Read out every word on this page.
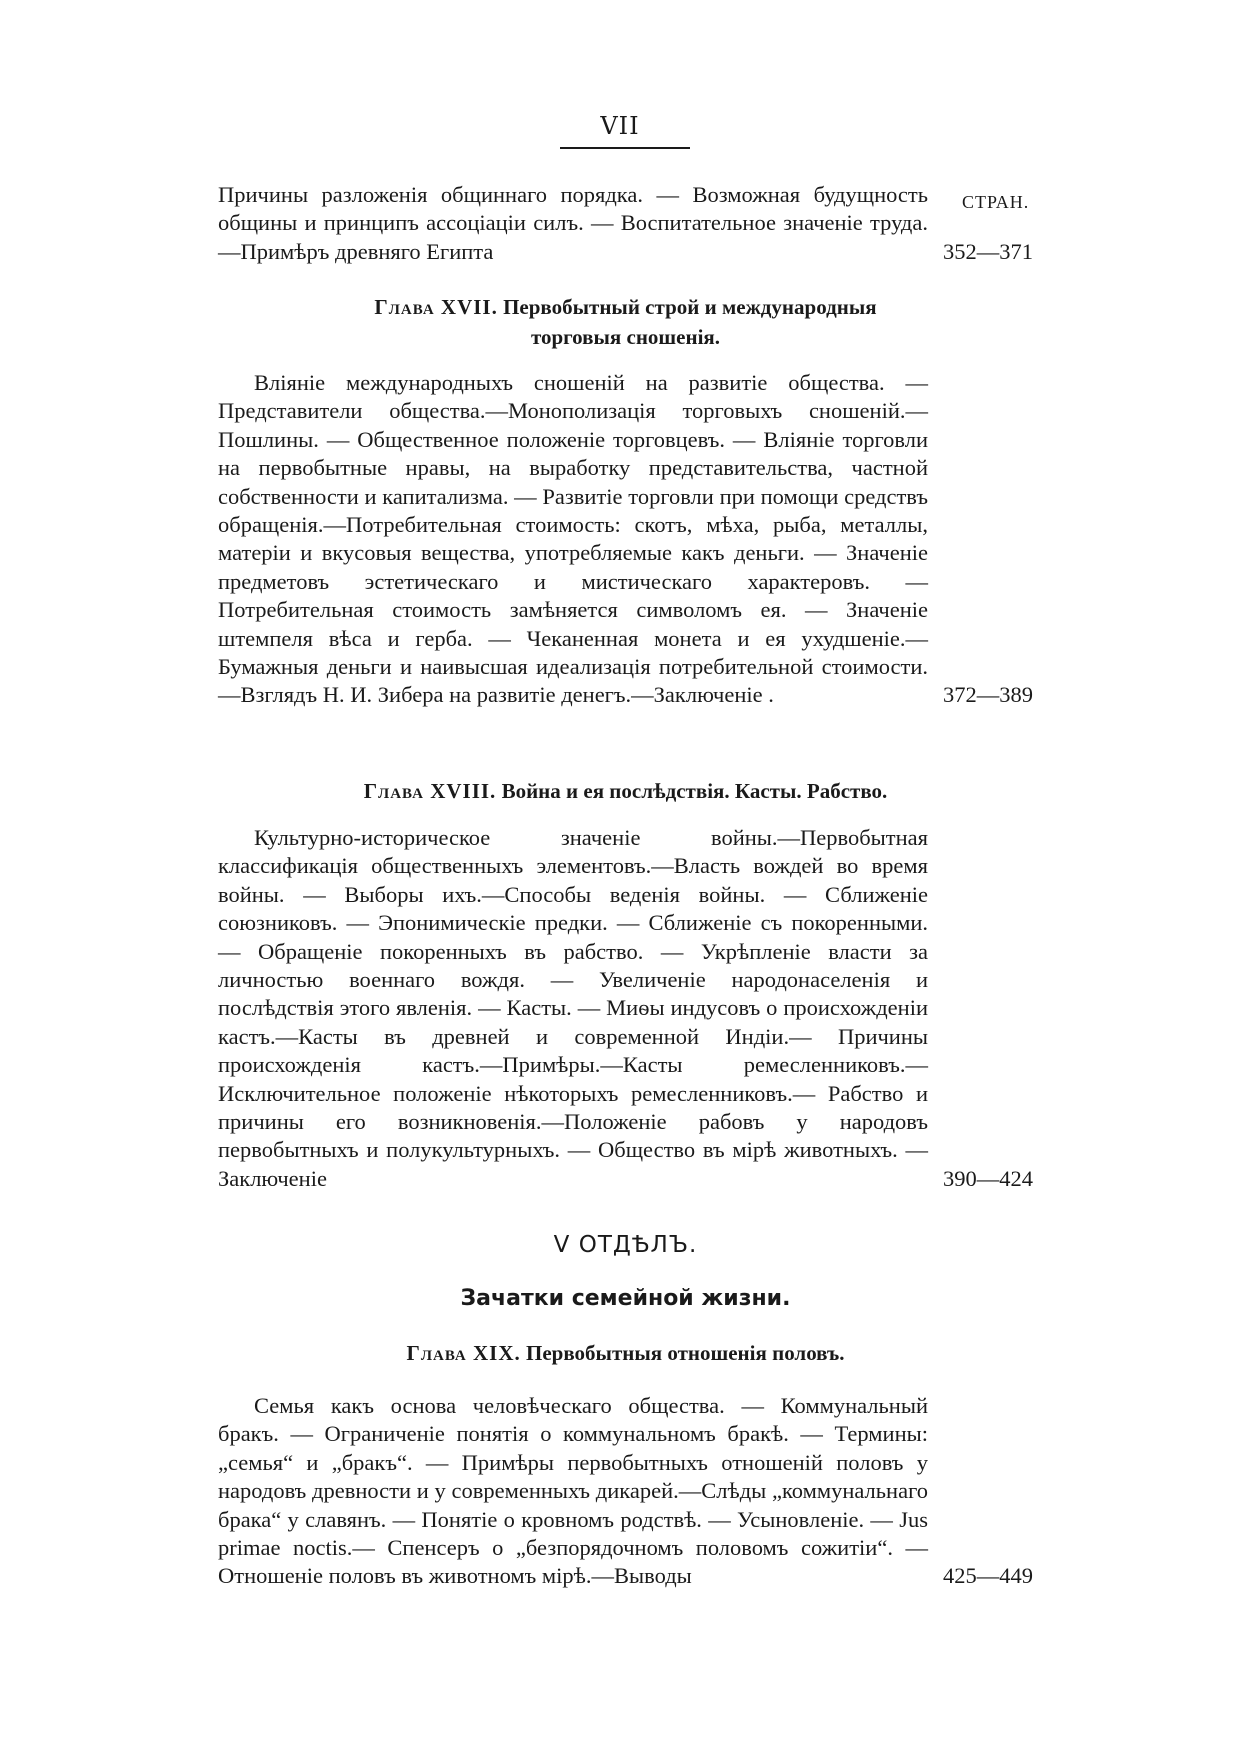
VII
СТРАН.
Причины разложенія общиннаго порядка. — Возможная будущность общины и принципъ ассоціаціи силъ. — Воспитательное значеніе труда.—Примѣръ древняго Египта	352—371
Глава XVII. Первобытный строй и международныя торговыя сношенія.
Вліяніе международныхъ сношеній на развитіе общества. — Представители общества.—Монополизація торговыхъ сношеній.— Пошлины. — Общественное положеніе торговцевъ. — Вліяніе торговли на первобытные нравы, на выработку представительства, частной собственности и капитализма. — Развитіе торговли при помощи средствъ обращенія.—Потребительная стоимость: скотъ, мѣха, рыба, металлы, матеріи и вкусовыя вещества, употребляемые какъ деньги. — Значеніе предметовъ эстетическаго и мистическаго характеровъ. — Потребительная стоимость замѣняется символомъ ея. — Значеніе штемпеля вѣса и герба. — Чеканенная монета и ея ухудшеніе.—Бумажныя деньги и наивысшая идеализація потребительной стоимости.—Взглядъ Н. И. Зибера на развитіе денегъ.—Заключеніе .	372—389
Глава XVIII. Война и ея послѣдствія. Касты. Рабство.
Культурно-историческое значеніе войны.—Первобытная классификація общественныхъ элементовъ.—Власть вождей во время войны. — Выборы ихъ.—Способы веденія войны. — Сближеніе союзниковъ. — Эпонимическіе предки. — Сближеніе съ покоренными. — Обращеніе покоренныхъ въ рабство. — Укрѣпленіе власти за личностью военнаго вождя. — Увеличеніе народонаселенія и послѣдствія этого явленія. — Касты. — Миѳы индусовъ о происхожденіи кастъ.—Касты въ древней и современной Индіи.— Причины происхожденія кастъ.—Примѣры.—Касты ремесленниковъ.—Исключительное положеніе нѣкоторыхъ ремесленниковъ.— Рабство и причины его возникновенія.—Положеніе рабовъ у народовъ первобытныхъ и полукультурныхъ. — Общество въ мірѣ животныхъ. —Заключеніе	390—424
V ОТДѢЛЪ.
Зачатки семейной жизни.
Глава XIX. Первобытныя отношенія половъ.
Семья какъ основа человѣческаго общества. — Коммунальный бракъ. — Ограниченіе понятія о коммунальномъ бракѣ. — Термины: „семья“ и „бракъ“. — Примѣры первобытныхъ отношеній половъ у народовъ древности и у современныхъ дикарей.—Слѣды „коммунальнаго брака“ у славянъ. — Понятіе о кровномъ родствѣ. — Усыновленіе. — Jus primae noctis.— Спенсеръ о „безпорядочномъ половомъ сожитіи“. — Отношеніе половъ въ животномъ мірѣ.—Выводы	425—449
